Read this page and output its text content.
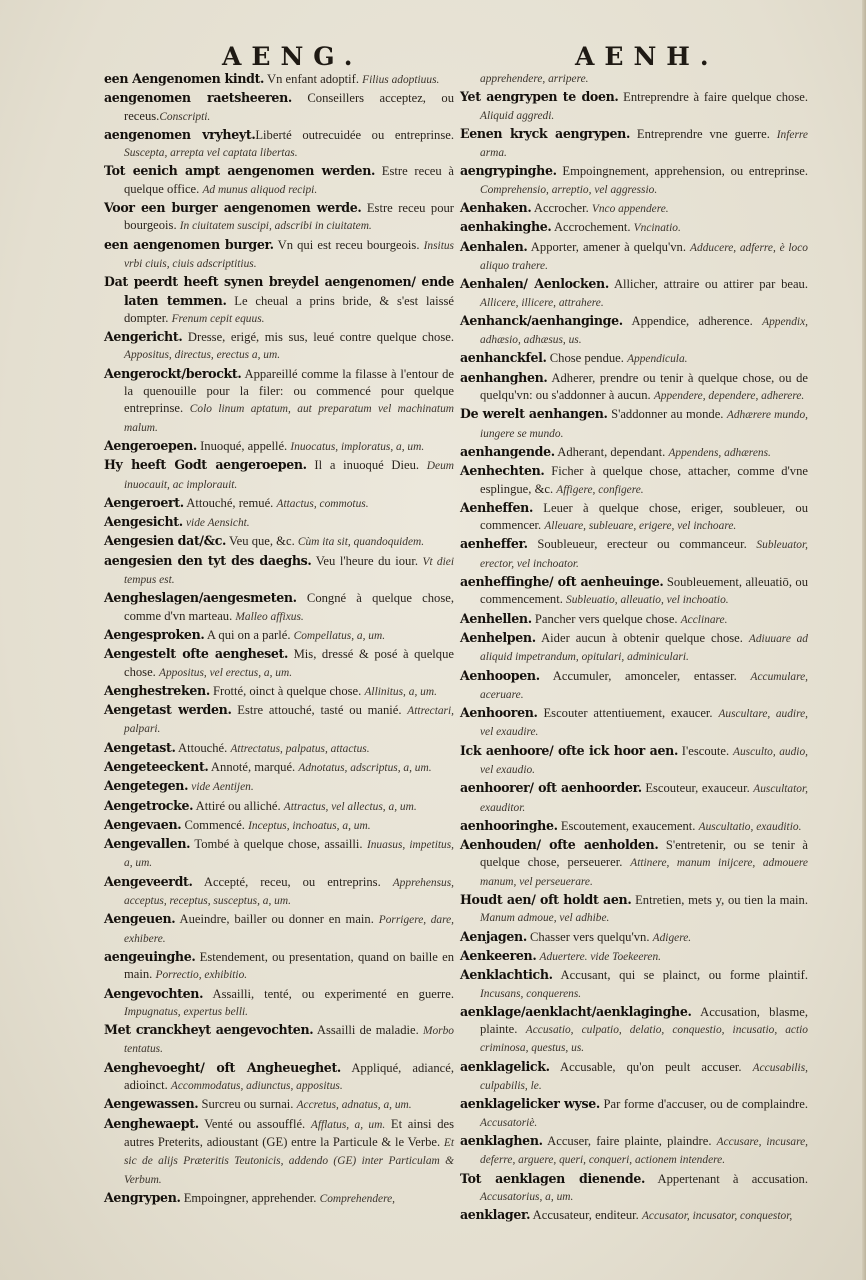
AENG.	AENH.
een Aengenomen kindt. Vn enfant adoptif. Filius adoptiuus.
aengenomen raetsheeren. Conseillers acceptez, ou receus.Conscripti.
aengenomen vryheyt.Liberté outrecuidée ou entreprinse. Suscepta, arrepta vel captata libertas.
Tot eenich ampt aengenomen werden. Estre receu à quelque office. Ad munus aliquod recipi.
Voor een burger aengenomen werde. Estre receu pour bourgeois. In ciuitatem suscipi, adscribi in ciuitatem.
een aengenomen burger. Vn qui est receu bourgeois. Insitus vrbi ciuis, ciuis adscriptitius.
Dat peerdt heeft synen breydel aengenomen/ ende laten temmen. Le cheual a prins bride, & s'est laissé dompter. Frenum cepit equus.
Aengericht. Dresse, erigé, mis sus, leué contre quelque chose. Appositus, directus, erectus a, um.
Aengerockt/berockt. Appareillé comme la filasse à l'entour de la quenouille pour la filer: ou commencé pour quelque entreprinse. Colo linum aptatum, aut preparatum vel machinatum malum.
Aengeroepen. Inuoqué, appellé. Inuocatus, imploratus, a, um.
Hy heeft Godt aengeroepen. Il a inuoqué Dieu. Deum inuocauit, ac implorauit.
Aengeroert. Attouché, remué. Attactus, commotus.
Aengesicht. vide Aensicht.
Aengesien dat/&c. Veu que, &c. Cùm ita sit, quandoquidem.
aengesien den tyt des daeghs. Veu l'heure du iour. Vt diei tempus est.
Aengheslagen/aengesmeten. Congné à quelque chose, comme d'vn marteau. Malleo affixus.
Aengesproken. A qui on a parlé. Compellatus, a, um.
Aengestelt ofte aengheset. Mis, dressé & posé à quelque chose. Appositus, vel erectus, a, um.
Aenghestreken. Frotté, oinct à quelque chose. Allinitus, a, um.
Aengetast werden. Estre attouché, tasté ou manié. Attrectari, palpari.
Aengetast. Attouché. Attrectatus, palpatus, attactus.
Aengeteeckent. Annoté, marqué. Adnotatus, adscriptus, a, um.
Aengetegen. vide Aentijen.
Aengetrocke. Attiré ou alliché. Attractus, vel allectus, a, um.
Aengevaen. Commencé. Inceptus, inchoatus, a, um.
Aengevallen. Tombé à quelque chose, assailli. Inuasus, impetitus, a, um.
Aengeveerdt. Accepté, receu, ou entreprins. Apprehensus, acceptus, receptus, susceptus, a, um.
Aengeuen. Aueindre, bailler ou donner en main. Porrigere, dare, exhibere.
aengeuinghe. Estendement, ou presentation, quand on baille en main. Porrectio, exhibitio.
Aengevochten. Assailli, tenté, ou experimenté en guerre. Impugnatus, expertus belli.
Met cranckheyt aengevochten. Assailli de maladie. Morbo tentatus.
Aenghevoeght/ oft Angheueghet. Appliqué, adiancé, adioinct. Accommodatus, adiunctus, appositus.
Aengewassen. Surcreu ou surnai. Accretus, adnatus, a, um.
Aenghewaept. Venté ou assoufflé. Afflatus, a, um. Et ainsi des autres Preterits, adioustant (GE) entre la Particule & le Verbe. Et sic de alijs Præteritis Teutonicis, addendo (GE) inter Particulam & Verbum.
Aengrypen. Empoingner, apprehender. Comprehendere,
apprehendere, arripere.
Yet aengrypen te doen. Entreprendre à faire quelque chose. Aliquid aggredi.
Eenen kryck aengrypen. Entreprendre vne guerre. Inferre arma.
aengrypinghe. Empoingnement, apprehension, ou entreprinse. Comprehensio, arreptio, vel aggressio.
Aenhaken. Accrocher. Vnco appendere.
aenhakinghe. Accrochement. Vncinatio.
Aenhalen. Apporter, amener à quelqu'vn. Adducere, adferre, è loco aliquo trahere.
Aenhalen/ Aenlocken. Allicher, attraire ou attirer par beau. Allicere, illicere, attrahere.
Aenhanck/aenhanginge. Appendice, adherence. Appendix, adhæsio, adhæsus, us.
aenhanckfel. Chose pendue. Appendicula.
aenhanghen. Adherer, prendre ou tenir à quelque chose, ou de quelqu'vn: ou s'addonner à aucun. Appendere, dependere, adherere.
De werelt aenhangen. S'addonner au monde. Adhærere mundo, iungere se mundo.
aenhangende. Adherant, dependant. Appendens, adhærens.
Aenhechten. Ficher à quelque chose, attacher, comme d'vne esplingue, &c. Affigere, configere.
Aenheffen. Leuer à quelque chose, eriger, soubleuer, ou commencer. Alleuare, subleuare, erigere, vel inchoare.
aenheffer. Soubleueur, erecteur ou commanceur. Subleuator, erector, vel inchoator.
aenheffinghe/ oft aenheuinge. Soubleuement, alleuatiō, ou commencement. Subleuatio, alleuatio, vel inchoatio.
Aenhellen. Pancher vers quelque chose. Acclinare.
Aenhelpen. Aider aucun à obtenir quelque chose. Adiuuare ad aliquid impetrandum, opitulari, adminiculari.
Aenhoopen. Accumuler, amonceler, entasser. Accumulare, aceruare.
Aenhooren. Escouter attentiuement, exaucer. Auscultare, audire, vel exaudire.
Ick aenhoore/ ofte ick hoor aen. I'escoute. Ausculto, audio, vel exaudio.
aenhoorer/ oft aenhoorder. Escouteur, exauceur. Auscultator, exauditor.
aenhooringhe. Escoutement, exaucement. Auscultatio, exauditio.
Aenhouden/ ofte aenholden. S'entretenir, ou se tenir à quelque chose, perseuerer. Attinere, manum inijcere, admouere manum, vel perseuerare.
Houdt aen/ oft holdt aen. Entretien, mets y, ou tien la main. Manum admoue, vel adhibe.
Aenjagen. Chasser vers quelqu'vn. Adigere.
Aenkeeren. Aduertere. vide Toekeeren.
Aenklachtich. Accusant, qui se plainct, ou forme plaintif. Incusans, conquerens.
aenklage/aenklacht/aenklaginghe. Accusation, blasme, plainte. Accusatio, culpatio, delatio, conquestio, incusatio, actio criminosa, questus, us.
aenklagelick. Accusable, qu'on peult accuser. Accusabilis, culpabilis, le.
aenklagelicker wyse. Par forme d'accuser, ou de complaindre. Accusatoriè.
aenklaghen. Accuser, faire plainte, plaindre. Accusare, incusare, deferre, arguere, queri, conqueri, actionem intendere.
Tot aenklagen dienende. Appertenant à accusation. Accusatorius, a, um.
aenklager. Accusateur, enditeur. Accusator, incusator, conquestor,
